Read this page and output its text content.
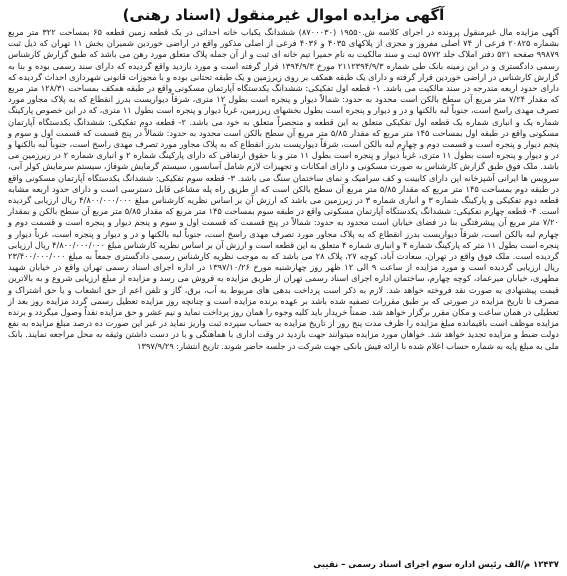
آگهی مزایده اموال غیرمنقول (اسناد رهنی)

آگهی مزایده مال غیرمنقول پرونده در اجرای کلاسه ش.۱۹۵۵۰ (۸۷۰۰۰۳۰) ششدانگ یکباب خانه احداثی در یک قطعه زمین قطعه ۶۵ بمساحت ۳۲۲ متر مربع بشماره ۲۰۸۲۵ فرعی از ۷۴ اصلی مفروز و مجزی از پلاکهای ۴۰۳۵ و ۴۰۳۶ فرعی از اصلی مذکور واقع در اراضی خوردین شمیران بخش ۱۱ تهران که ذیل ثبت ۹۹۸۷۹ صفحه ۵۲۱ دفتر املاک جلد ۵۷۷۲ ثبت و سند مالکیت به نام حمیرا تیم خانه ای ثبت و از آن جمله پلاک متعلق مورد رهن می باشد که طبق گزارش کارشناس رسمی دادگستری و در این زمینه بانک طی شماره ۲۱۱۲۳۹۴/۹/۳ مورخ ۱۳۹۴/۹/۳ قرار گرفته است و مورد بازدید واقع گردیده که دارای سند رسمی بوده و بنا به گزارش کارشناس در اراضی خوردین قرار گرفته و دارای یک طبقه همکف بر روی زیرزمین و یک طبقه تحتانی بوده و با مجوزات قانونی شهرداری احداث گردیده که دارای حدود اربعه مندرجه در سند مالکیت می باشد. ۱- قطعه اول تفکیکی: ششدانگ یکدستگاه آپارتمان مسکونی واقع در طبقه همکف بمساحت ۱۲۸/۳۱ متر مربع که مقدار ۷/۲۴ متر مربع آن سطح بالکن است محدود به حدود: شمالاً دیوار و پنجره است بطول ۱۲ متری، شرقاً دیواریست بدرز انقطاع که به پلاک مجاور مورد تصرف مهدی راسخ است، جنوباً لبه بالکنها و در و دیوار و پنجره است بطول بخشهای زیرزمین، غرباً دیوار و پنجره است بطول ۱۱ متری، که در این خصوص پارکینگ شماره یک و انباری شماره یک قطعه اول تفکیکی متعلق به این قطعه و منحصراً متعلق به خود می باشد. ۲- قطعه دوم تفکیکی: ششدانگ یکدستگاه آپارتمان مسکونی واقع در طبقه اول بمساحت ۱۴۵ متر مربع که مقدار ۵/۸۵ متر مربع آن سطح بالکن است محدود به حدود: شمالاً در پنج قسمت که قسمت اول و سوم و پنجم دیوار و پنجره است و قسمت دوم و چهارم لبه بالکن است، شرقاً دیواریست بدرز انقطاع که به پلاک مجاور مورد تصرف مهدی راسخ است، جنوباً لبه بالکنها و در و دیوار و پنجره است بطول ۱۱ متری، غرباً دیوار و پنجره است بطول ۱۱ متر و با حقوق ارتفاقی که دارای پارکینگ شماره ۲ و انباری شماره ۲ در زیرزمین می باشد. ملک فوق طبق گزارش کارشناس به صورت مسکونی و دارای امکانات و تجهیزات لازم شامل آسانسور، سیستم گرمایش شوفاژ، سیستم سرمایش کولر آبی، سرویس ها ایرانی آشپزخانه اپن دارای کابینت و کف سرامیک و نمای ساختمان سنگ می باشد. ۳- قطعه سوم تفکیکی: ششدانگ یکدستگاه آپارتمان مسکونی واقع در طبقه دوم بمساحت ۱۴۵ متر مربع که مقدار ۵/۸۵ متر مربع آن سطح بالکن است که از طریق راه پله مشاعی قابل دسترسی است و دارای حدود اربعه مشابه قطعه دوم تفکیکی و پارکینگ شماره ۳ و انباری شماره ۳ در زیرزمین می باشد که ارزش آن بر اساس نظریه کارشناس مبلغ ۴/۸۰۰/۰۰۰/۰۰۰ ریال ارزیابی گردیده است. ۴- قطعه چهارم تفکیکی: ششدانگ یکدستگاه آپارتمان مسکونی واقع در طبقه سوم بمساحت ۱۴۵ متر مربع که مقدار ۵/۸۵ متر مربع آن سطح بالکن و بمقدار ۷/۲۰ متر مربع آن پیشرفتگی بنا در فضای خیابان است محدود به حدود: شمالاً در پنج قسمت که قسمت اول و سوم و پنجم دیوار و پنجره است و قسمت دوم و چهارم لبه بالکن است، شرقاً دیواریست بدرز انقطاع که به پلاک مجاور مورد تصرف مهدی راسخ است، جنوباً لبه بالکنها و در و دیوار و پنجره است، غرباً دیوار و پنجره است بطول ۱۱ متر که پارکینگ شماره ۴ و انباری شماره ۴ متعلق به این قطعه است و ارزش آن بر اساس نظریه کارشناس مبلغ ۴/۸۰۰/۰۰۰/۰۰۰ ریال ارزیابی گردیده است. ملک فوق واقع در تهران، سعادت آباد، کوچه ۲۷، پلاک ۲۸ می باشد که به موجب نظریه کارشناس رسمی دادگستری جمعاً به مبلغ ۲۳/۴۰۰/۰۰۰/۰۰۰ ریال ارزیابی گردیده است و مورد مزایده از ساعت ۹ الی ۱۲ ظهر روز چهارشنبه مورخ ۱۳۹۷/۱۰/۲۶ در اداره اجرای اسناد رسمی تهران واقع در خیابان شهید مطهری، خیابان میرعماد، کوچه چهارم، ساختمان اداره اجرای اسناد رسمی تهران از طریق مزایده به فروش می رسد و مزایده از مبلغ ارزیابی شروع و به بالاترین قیمت پیشنهادی به صورت نقد فروخته خواهد شد. لازم به ذکر است پرداخت بدهی های مربوط به آب، برق، گاز و تلفن اعم از حق انشعاب و یا حق اشتراک و مصرف تا تاریخ مزایده در صورتی که بر طبق مقررات تصفیه شده باشد بر عهده برنده مزایده است و چنانچه روز مزایده تعطیل رسمی گردد مزایده روز بعد از تعطیلی در همان ساعت و مکان مقرر برگزار خواهد شد. ضمناً خریدار باید کلیه وجوه را همان روز پرداخت نماید و نیم عشر و حق مزایده نقداً وصول میگردد و برنده مزایده موظف است باقیمانده مبلغ مزایده را ظرف مدت پنج روز از تاریخ مزایده به حساب سپرده ثبت واریز نماید در غیر این صورت ده درصد مبلغ مزایده به نفع دولت ضبط و مزایده تجدید خواهد شد. خواهان مورد مزایده میتوانند جهت بازدید در وقت اداری با هماهنگی و با در دست داشتن وثیقه به محل مراجعه نمایند. بانک ملی به مبلغ پایه به شماره حساب اعلام شده با ارائه فیش بانکی جهت شرکت در جلسه حاضر شوند. تاریخ انتشار: ۱۳۹۷/۹/۲۹

۱۲۴۳۷ م/الف رئیس اداره سوم اجرای اسناد رسمی – نقیبی
